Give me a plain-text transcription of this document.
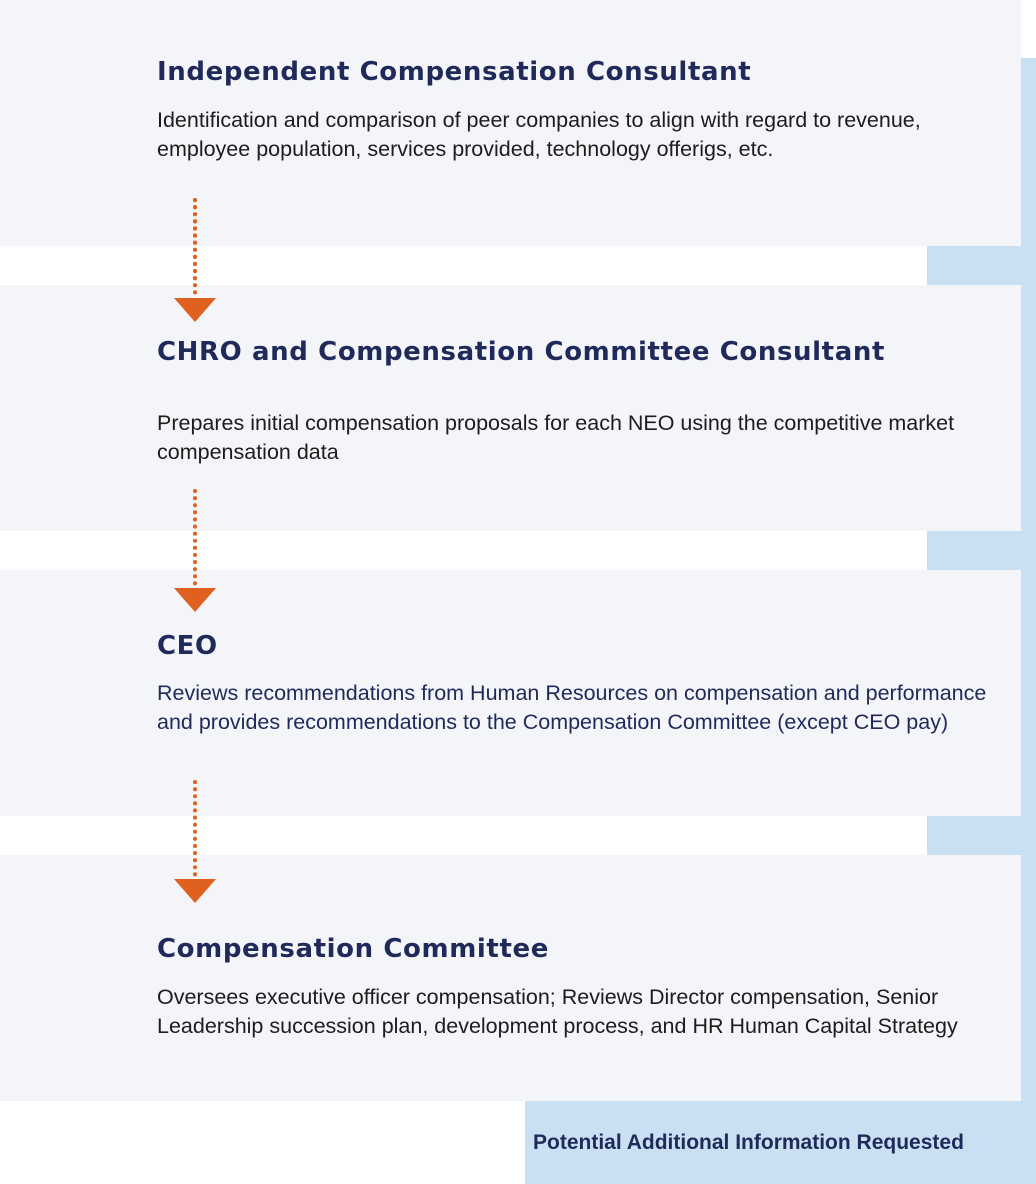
Potential Additional Information Requested
Independent Compensation Consultant

Identification and comparison of peer companies to align with regard to revenue, employee population, services provided, technology offerigs, etc.

CHRO and Compensation Committee Consultant

Prepares initial compensation proposals for each NEO using the competitive market compensation data

CEO

Reviews recommendations from Human Resources on compensation and performance and provides recommendations to the Compensation Committee (except CEO pay)

Compensation Committee

Oversees executive officer compensation; Reviews Director compensation, Senior Leadership succession plan, development process, and HR Human Capital Strategy
